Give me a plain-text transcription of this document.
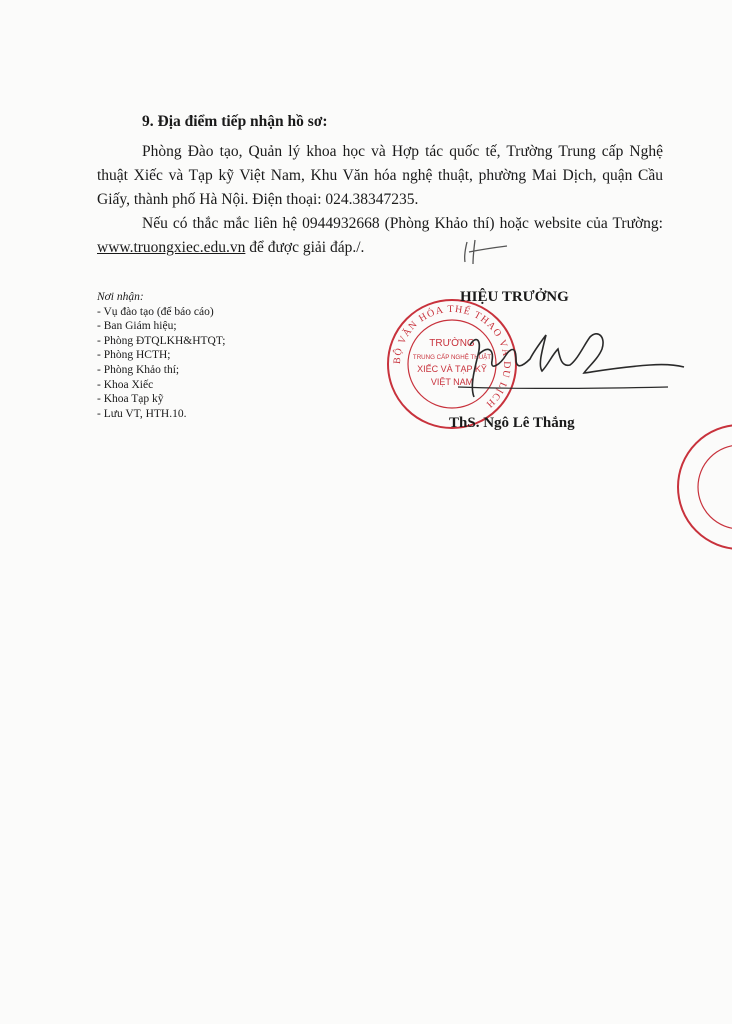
9. Địa điểm tiếp nhận hồ sơ:
Phòng Đào tạo, Quản lý khoa học và Hợp tác quốc tế, Trường Trung cấp Nghệ thuật Xiếc và Tạp kỹ Việt Nam, Khu Văn hóa nghệ thuật, phường Mai Dịch, quận Cầu Giấy, thành phố Hà Nội. Điện thoại: 024.38347235.
Nếu có thắc mắc liên hệ 0944932668 (Phòng Khảo thí) hoặc website của Trường: www.truongxiec.edu.vn để được giải đáp./.
Nơi nhận:
- Vụ đào tạo (để báo cáo)
- Ban Giám hiệu;
- Phòng ĐTQLKH&HTQT;
- Phòng HCTH;
- Phòng Khảo thí;
- Khoa Xiếc
- Khoa Tạp kỹ
- Lưu VT, HTH.10.
BỘ VĂN HÓA THỂ THAO VÀ DU LỊCH
TRƯỜNG
TRUNG CẤP NGHỆ THUẬT
XIẾC VÀ TẠP KỸ
VIỆT NAM
HIỆU TRƯỞNG
ThS. Ngô Lê Thắng
